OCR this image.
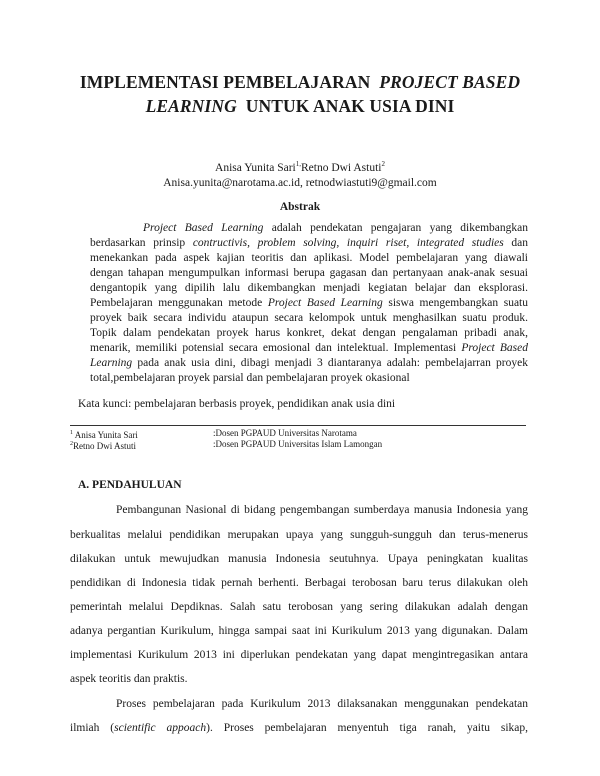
IMPLEMENTASI PEMBELAJARAN PROJECT BASED
LEARNING UNTUK ANAK USIA DINI
Anisa Yunita Sari$^{1,}$Retno Dwi Astuti$^2$
Anisa.yunita@narotama.ac.id, retnodwiastuti9@gmail.com
Abstrak
Project Based Learning adalah pendekatan pengajaran yang dikembangkan
berdasarkan prinsip contructivis, problem solving, inquiri riset, integrated studies dan
menekankan pada aspek kajian teoritis dan aplikasi. Model pembelajaran yang diawali
dengan tahapan mengumpulkan informasi berupa gagasan dan pertanyaan anak-anak sesuai
dengantopik yang dipilih lalu dikembangkan menjadi kegiatan belajar dan eksplorasi.
Pembelajaran menggunakan metode Project Based Learning siswa mengembangkan suatu
proyek baik secara individu ataupun secara kelompok untuk menghasilkan suatu produk.
Topik dalam pendekatan proyek harus konkret, dekat dengan pengalaman pribadi anak,
menarik, memiliki potensial secara emosional dan intelektual. Implementasi Project Based
Learning pada anak usia dini, dibagi menjadi 3 diantaranya adalah: pembelajarran proyek
total,pembelajaran proyek parsial dan pembelajaran proyek okasional
Kata kunci: pembelajaran berbasis proyek, pendidikan anak usia dini
$^1$ Anisa Yunita Sari	:Dosen PGPAUD Universitas Narotama
$^2$Retno Dwi Astuti	:Dosen PGPAUD Universitas Islam Lamongan
A. PENDAHULUAN
Pembangunan Nasional di bidang pengembangan sumberdaya manusia Indonesia yang
berkualitas melalui pendidikan merupakan upaya yang sungguh-sungguh dan terus-menerus
dilakukan untuk mewujudkan manusia Indonesia seutuhnya. Upaya peningkatan kualitas
pendidikan di Indonesia tidak pernah berhenti. Berbagai terobosan baru terus dilakukan oleh
pemerintah melalui Depdiknas. Salah satu terobosan yang sering dilakukan adalah dengan
adanya pergantian Kurikulum, hingga sampai saat ini Kurikulum 2013 yang digunakan. Dalam
implementasi Kurikulum 2013 ini diperlukan pendekatan yang dapat mengintregasikan antara
aspek teoritis dan praktis.
Proses pembelajaran pada Kurikulum 2013 dilaksanakan menggunakan pendekatan
ilmiah (scientific appoach). Proses pembelajaran menyentuh tiga ranah, yaitu sikap,
